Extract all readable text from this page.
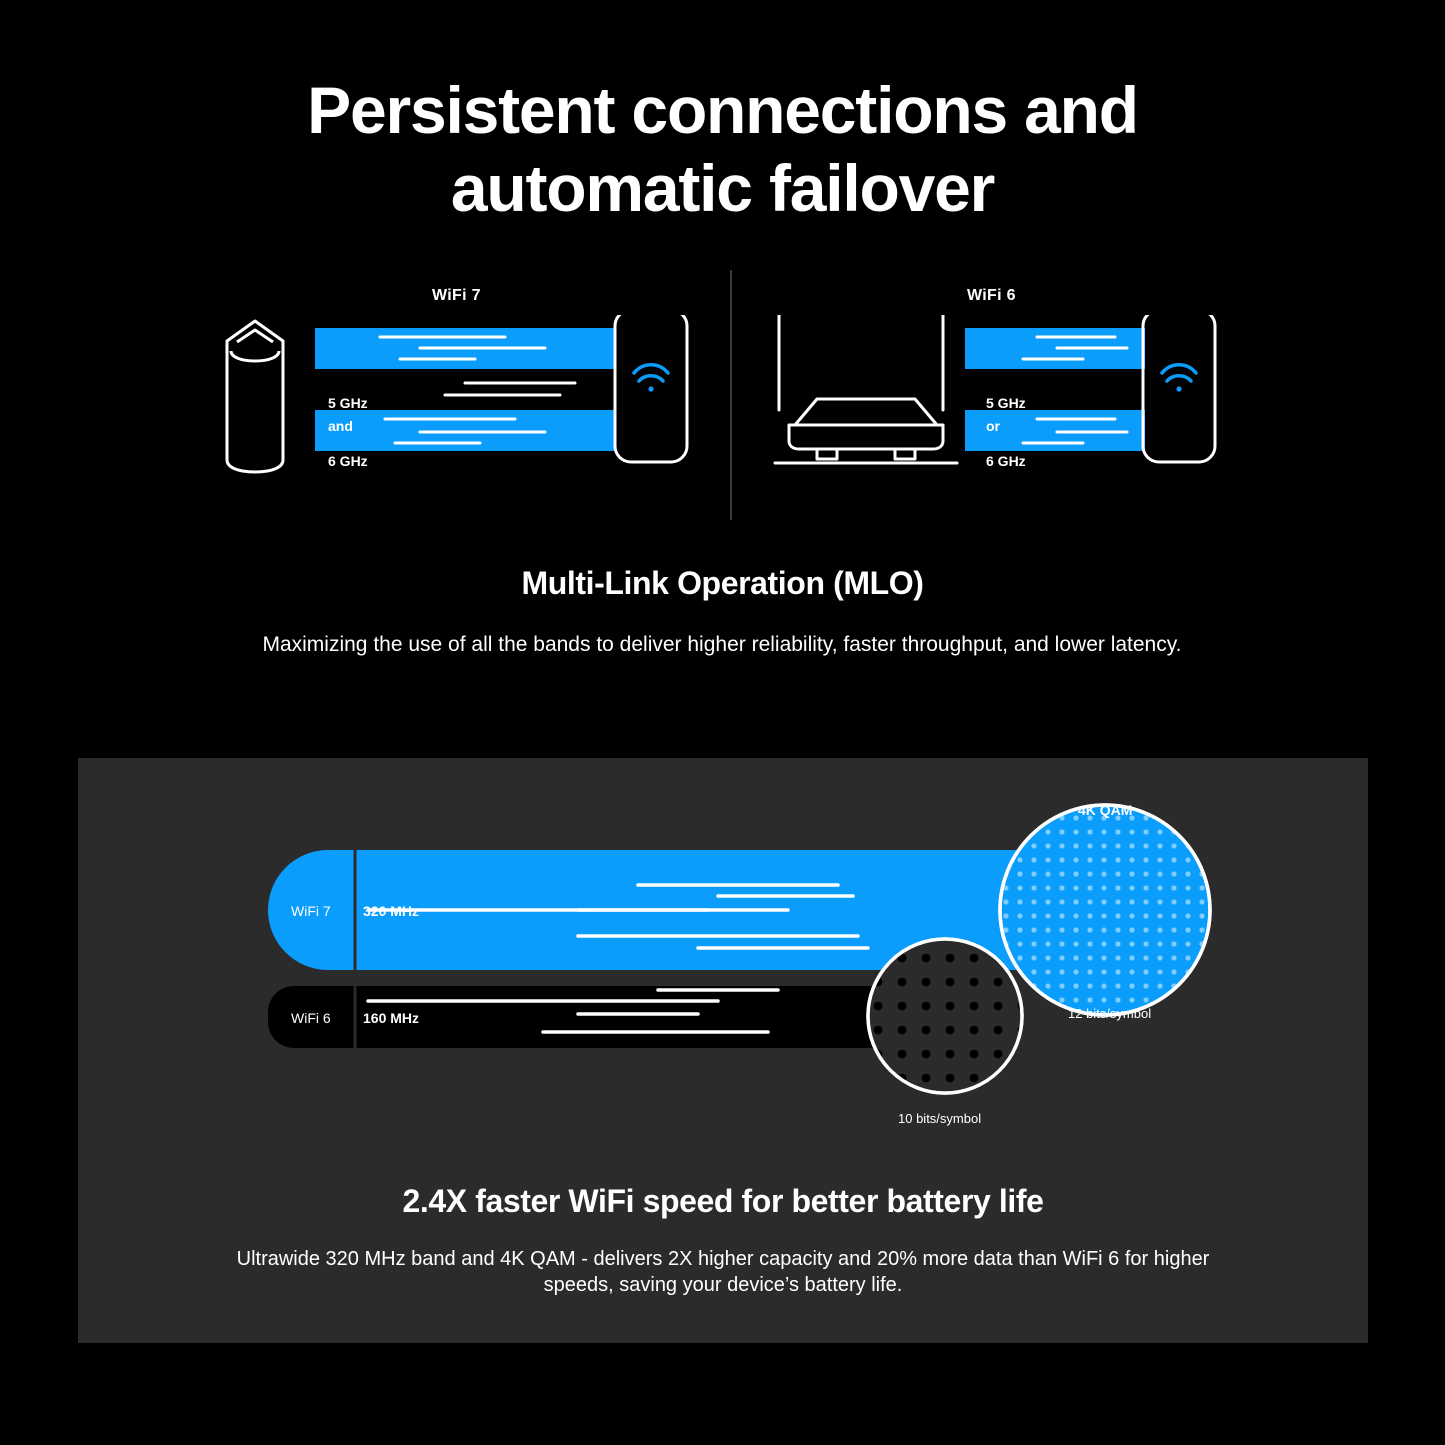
Persistent connections and
automatic failover
WiFi 7	WiFi 6
5 GHz
and
6 GHz
5 GHz
or
6 GHz
Multi-Link Operation (MLO)
Maximizing the use of all the bands to deliver higher reliability, faster throughput, and lower latency.
WiFi 7 320 MHz
WiFi 6 160 MHz
4K QAM
12 bits/symbol
10 bits/symbol
2.4X faster WiFi speed for better battery life
Ultrawide 320 MHz band and 4K QAM - delivers 2X higher capacity and 20% more data than WiFi 6 for higher speeds, saving your device’s battery life.
